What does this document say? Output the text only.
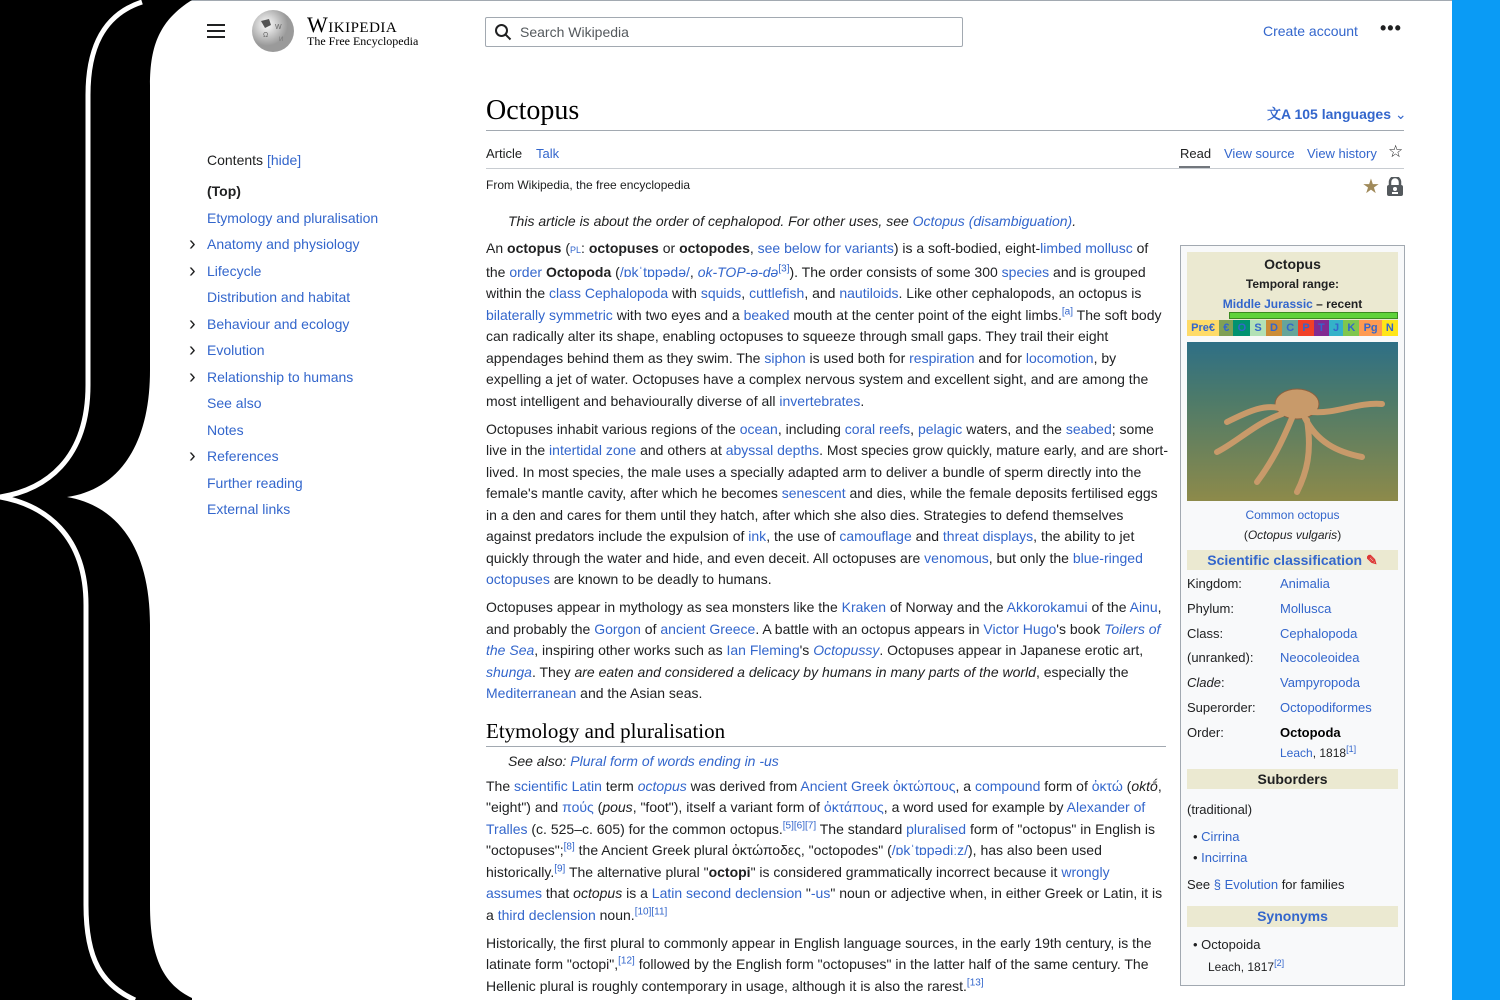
Ω
W
И
Wikipedia
The Free Encyclopedia
Search Wikipedia
Create account •••
Contents [hide]
(Top)
Etymology and pluralisation
› Anatomy and physiology
› Lifecycle
Distribution and habitat
› Behaviour and ecology
› Evolution
› Relationship to humans
See also
Notes
› References
Further reading
External links
Octopus	文A 105 languages ⌄
Article Talk	Read View source View history ☆
From Wikipedia, the free encyclopedia	★
This article is about the order of cephalopod. For other uses, see Octopus (disambiguation).
An octopus (PL: octopuses or octopodes, see below for variants) is a soft-bodied, eight-limbed mollusc of the order Octopoda (/ɒkˈtɒpədə/, ok-TOP-ə-də[3]). The order consists of some 300 species and is grouped within the class Cephalopoda with squids, cuttlefish, and nautiloids. Like other cephalopods, an octopus is bilaterally symmetric with two eyes and a beaked mouth at the center point of the eight limbs.[a] The soft body can radically alter its shape, enabling octopuses to squeeze through small gaps. They trail their eight appendages behind them as they swim. The siphon is used both for respiration and for locomotion, by expelling a jet of water. Octopuses have a complex nervous system and excellent sight, and are among the most intelligent and behaviourally diverse of all invertebrates.
Octopuses inhabit various regions of the ocean, including coral reefs, pelagic waters, and the seabed; some live in the intertidal zone and others at abyssal depths. Most species grow quickly, mature early, and are short-lived. In most species, the male uses a specially adapted arm to deliver a bundle of sperm directly into the female's mantle cavity, after which he becomes senescent and dies, while the female deposits fertilised eggs in a den and cares for them until they hatch, after which she also dies. Strategies to defend themselves against predators include the expulsion of ink, the use of camouflage and threat displays, the ability to jet quickly through the water and hide, and even deceit. All octopuses are venomous, but only the blue-ringed octopuses are known to be deadly to humans.
Octopuses appear in mythology as sea monsters like the Kraken of Norway and the Akkorokamui of the Ainu, and probably the Gorgon of ancient Greece. A battle with an octopus appears in Victor Hugo's book Toilers of the Sea, inspiring other works such as Ian Fleming's Octopussy. Octopuses appear in Japanese erotic art, shunga. They are eaten and considered a delicacy by humans in many parts of the world, especially the Mediterranean and the Asian seas.
Etymology and pluralisation
See also: Plural form of words ending in -us
The scientific Latin term octopus was derived from Ancient Greek ὀκτώπους, a compound form of ὀκτώ (oktṓ, "eight") and πούς (pous, "foot"), itself a variant form of ὀκτάπους, a word used for example by Alexander of Tralles (c. 525–c. 605) for the common octopus.[5][6][7] The standard pluralised form of "octopus" in English is "octopuses";[8] the Ancient Greek plural ὀκτώποδες, "octopodes" (/ɒkˈtɒpədiːz/), has also been used historically.[9] The alternative plural "octopi" is considered grammatically incorrect because it wrongly assumes that octopus is a Latin second declension "-us" noun or adjective when, in either Greek or Latin, it is a third declension noun.[10][11]
Historically, the first plural to commonly appear in English language sources, in the early 19th century, is the latinate form "octopi",[12] followed by the English form "octopuses" in the latter half of the same century. The Hellenic plural is roughly contemporary in usage, although it is also the rarest.[13]
Octopus
Temporal range:
Middle Jurassic – recent
Pre€ € O S D C P T J K Pg N
Common octopus
(Octopus vulgaris)
Scientific classification ✎
Kingdom:	Animalia
Phylum:	Mollusca
Class:	Cephalopoda
(unranked): Neocoleoidea
Clade:	Vampyropoda
Superorder: Octopodiformes
Order:	Octopoda
Leach, 1818[1]
Suborders
(traditional)
• Cirrina
• Incirrina
See § Evolution for families
Synonyms
• Octopoida
Leach, 1817[2]
